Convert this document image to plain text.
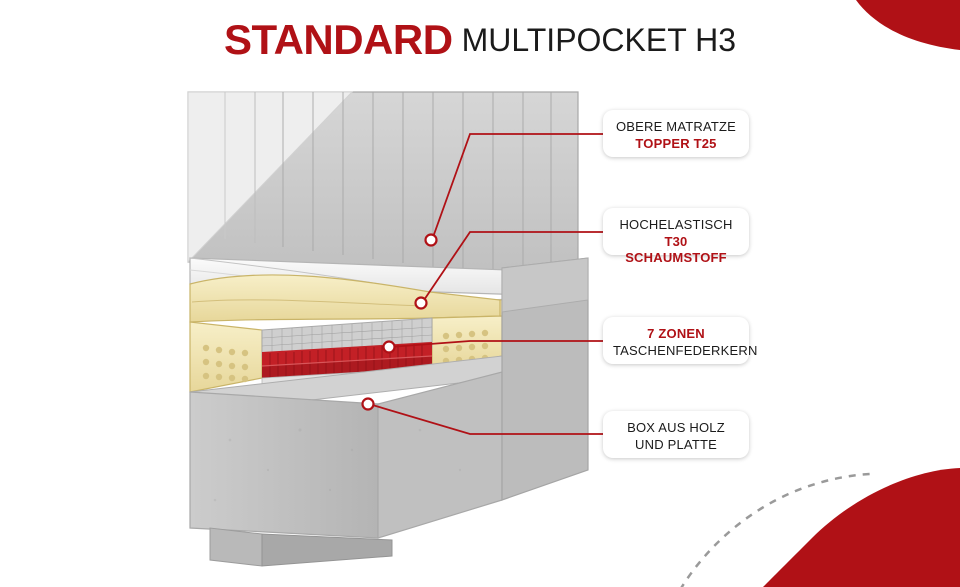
STANDARD MULTIPOCKET H3
OBERE MATRATZE
TOPPER T25
HOCHELASTISCH
T30 SCHAUMSTOFF
7 ZONEN
TASCHENFEDERKERN
BOX AUS HOLZ
UND PLATTE
